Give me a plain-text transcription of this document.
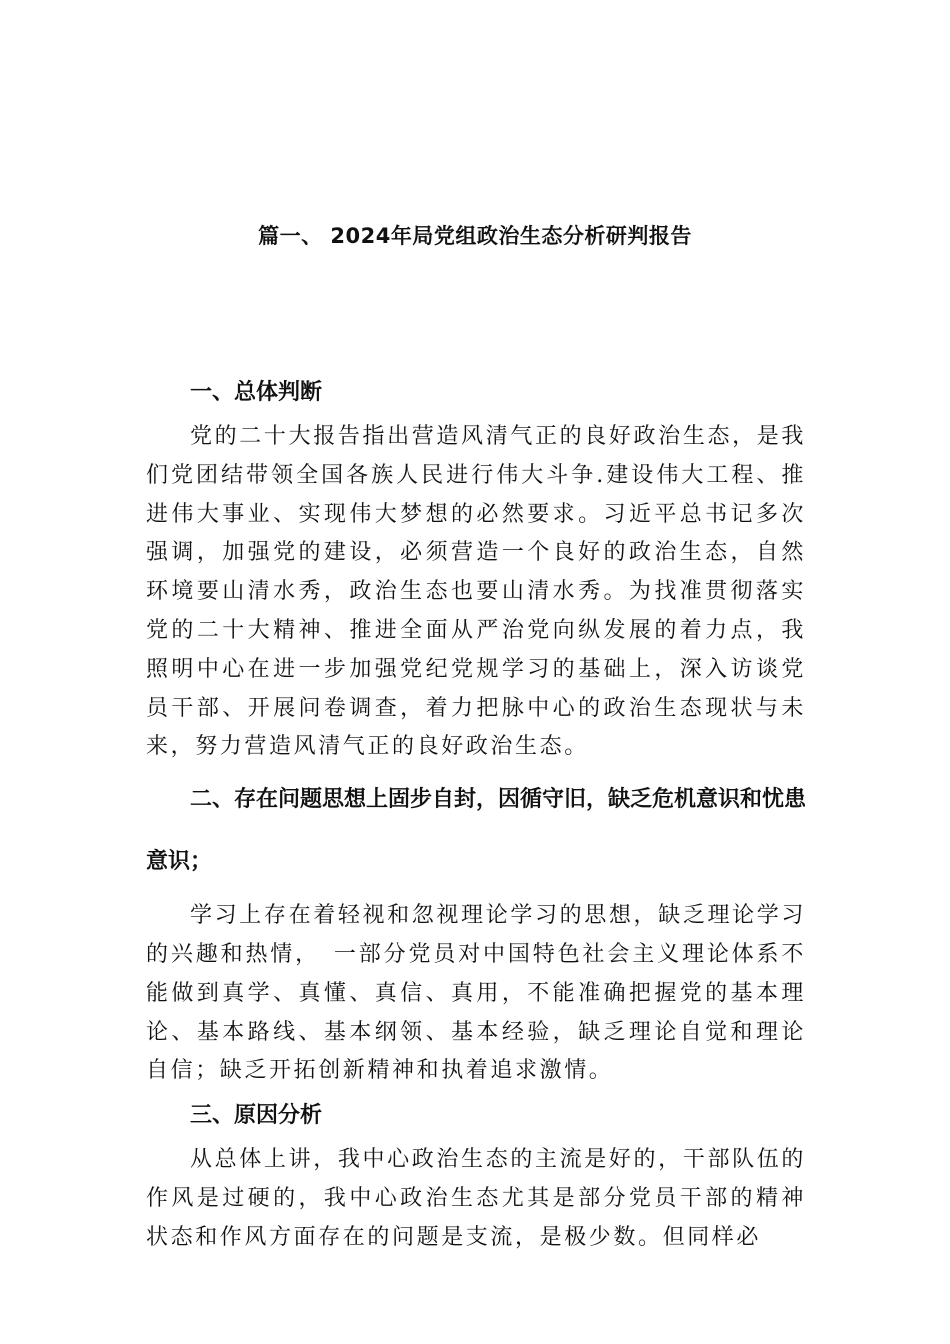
篇一、 2024年局党组政治生态分析研判报告
一、总体判断
党的二十大报告指出营造风清气正的良好政治生态，是我们党团结带领全国各族人民进行伟大斗争.建设伟大工程、推进伟大事业、实现伟大梦想的必然要求。习近平总书记多次强调，加强党的建设，必须营造一个良好的政治生态，自然环境要山清水秀，政治生态也要山清水秀。为找准贯彻落实党的二十大精神、推进全面从严治党向纵发展的着力点，我照明中心在进一步加强党纪党规学习的基础上，深入访谈党员干部、开展问卷调查，着力把脉中心的政治生态现状与未来，努力营造风清气正的良好政治生态。
二、存在问题思想上固步自封，因循守旧，缺乏危机意识和忧患意识；
学习上存在着轻视和忽视理论学习的思想，缺乏理论学习的兴趣和热情，　一部分党员对中国特色社会主义理论体系不能做到真学、真懂、真信、真用，不能准确把握党的基本理论、基本路线、基本纲领、基本经验，缺乏理论自觉和理论自信；缺乏开拓创新精神和执着追求激情。
三、原因分析
从总体上讲，我中心政治生态的主流是好的，干部队伍的作风是过硬的，我中心政治生态尤其是部分党员干部的精神状态和作风方面存在的问题是支流，是极少数。但同样必
